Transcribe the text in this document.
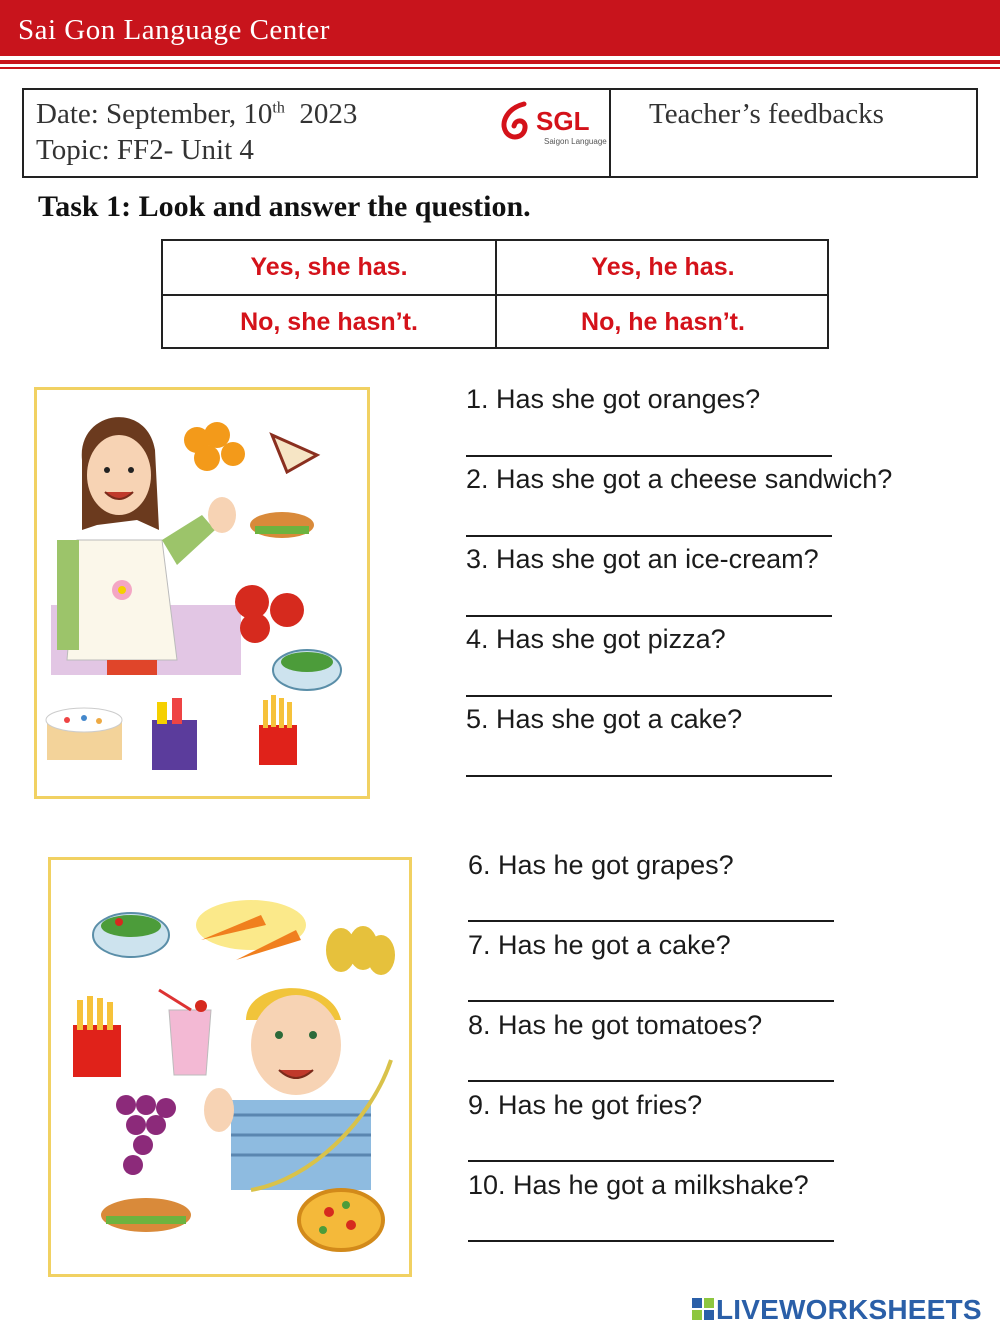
Sai Gon Language Center
Date: September, 10th 2023
Topic: FF2- Unit 4
SGL
Saigon Language
Teacher’s feedbacks
Task 1: Look and answer the question.
Yes, she has.	Yes, he has.
No, she hasn’t.	No, he hasn’t.
1. Has she got oranges?
2. Has she got a cheese sandwich?
3. Has she got an ice-cream?
4. Has she got pizza?
5. Has she got a cake?
6. Has he got grapes?
7. Has he got a cake?
8. Has he got tomatoes?
9. Has he got fries?
10. Has he got a milkshake?
LIVEWORKSHEETS
